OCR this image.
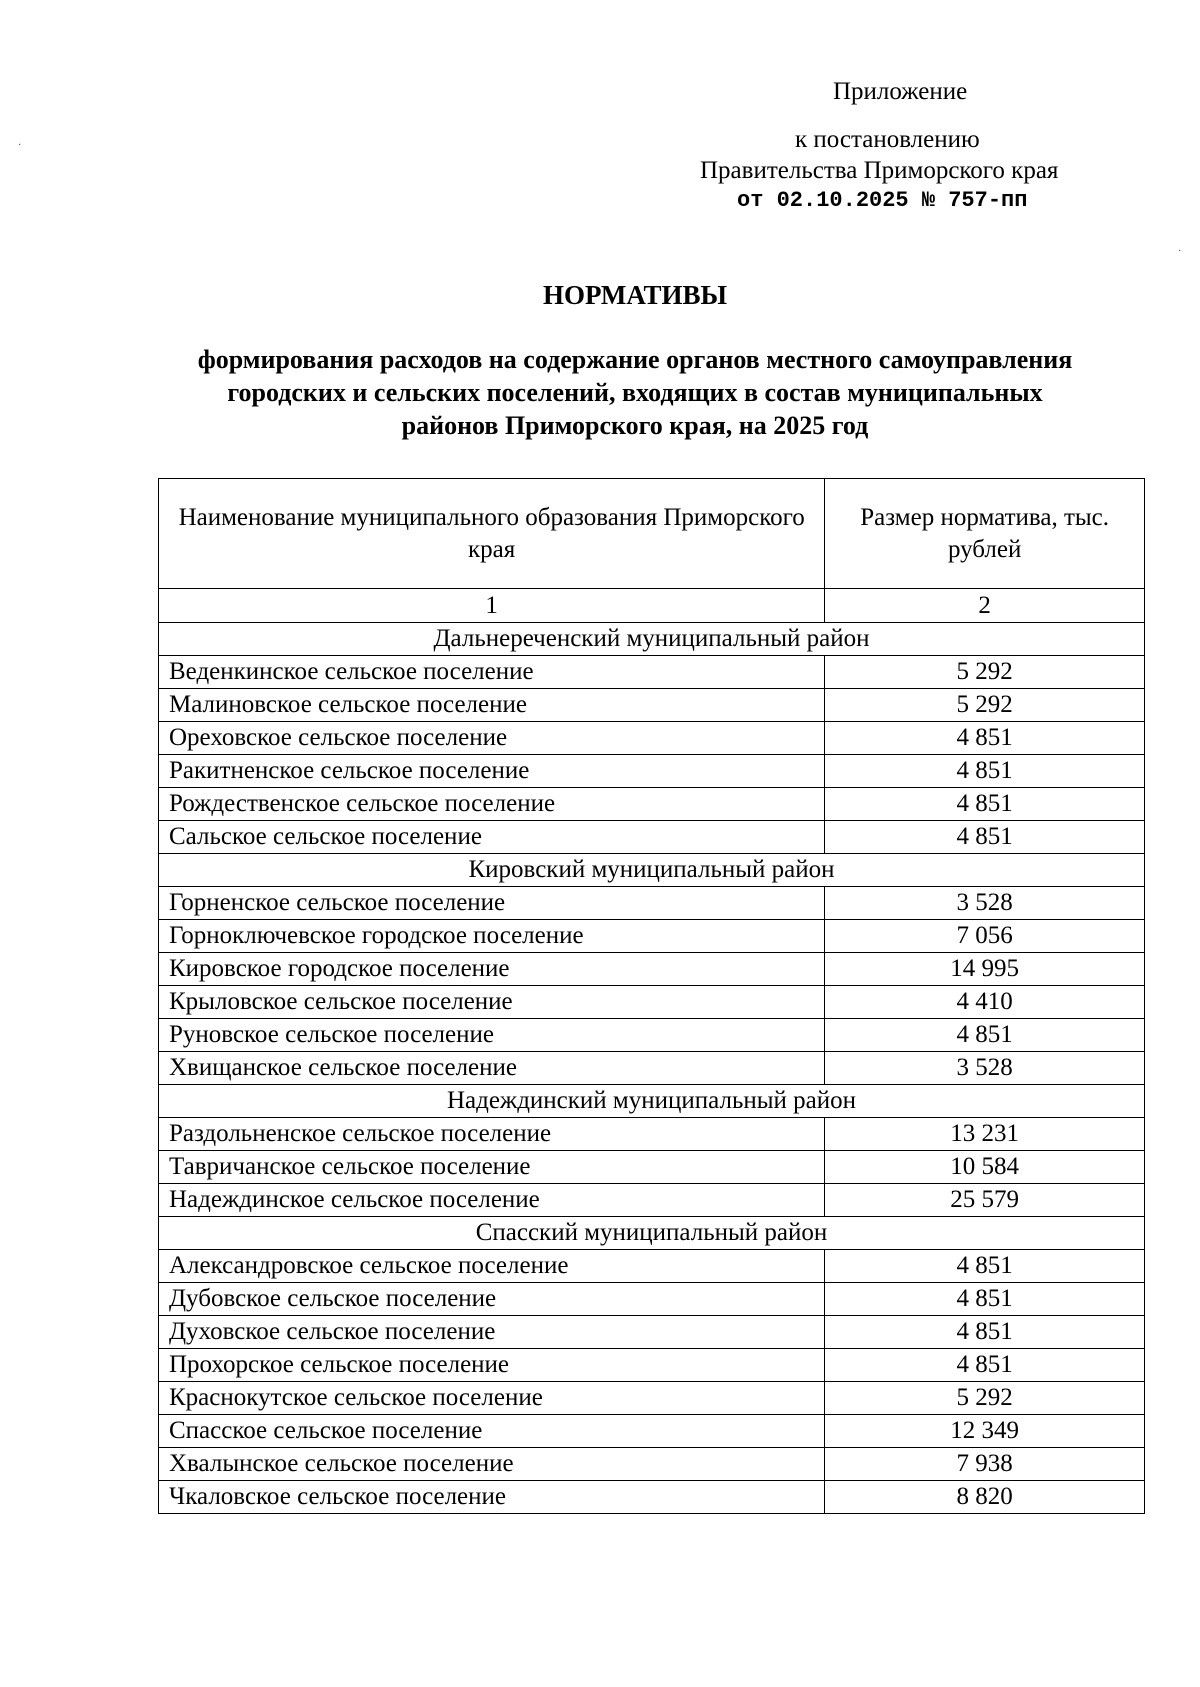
·
·
Приложение
к постановлению
Правительства Приморского края
от 02.10.2025 № 757-пп
НОРМАТИВЫ
формирования расходов на содержание органов местного самоуправления
городских и сельских поселений, входящих в состав муниципальных
районов Приморского края, на 2025 год
Наименование муниципального образования Приморского края	Размер норматива, тыс. рублей
1	2
Дальнереченский муниципальный район	
Веденкинское сельское поселение	5 292
Малиновское сельское поселение	5 292
Ореховское сельское поселение	4 851
Ракитненское сельское поселение	4 851
Рождественское сельское поселение	4 851
Сальское сельское поселение	4 851
Кировский муниципальный район	
Горненское сельское поселение	3 528
Горноключевское городское поселение	7 056
Кировское городское поселение	14 995
Крыловское сельское поселение	4 410
Руновское сельское поселение	4 851
Хвищанское сельское поселение	3 528
Надеждинский муниципальный район	
Раздольненское сельское поселение	13 231
Тавричанское сельское поселение	10 584
Надеждинское сельское поселение	25 579
Спасский муниципальный район	
Александровское сельское поселение	4 851
Дубовское сельское поселение	4 851
Духовское сельское поселение	4 851
Прохорское сельское поселение	4 851
Краснокутское сельское поселение	5 292
Спасское сельское поселение	12 349
Хвалынское сельское поселение	7 938
Чкаловское сельское поселение	8 820
